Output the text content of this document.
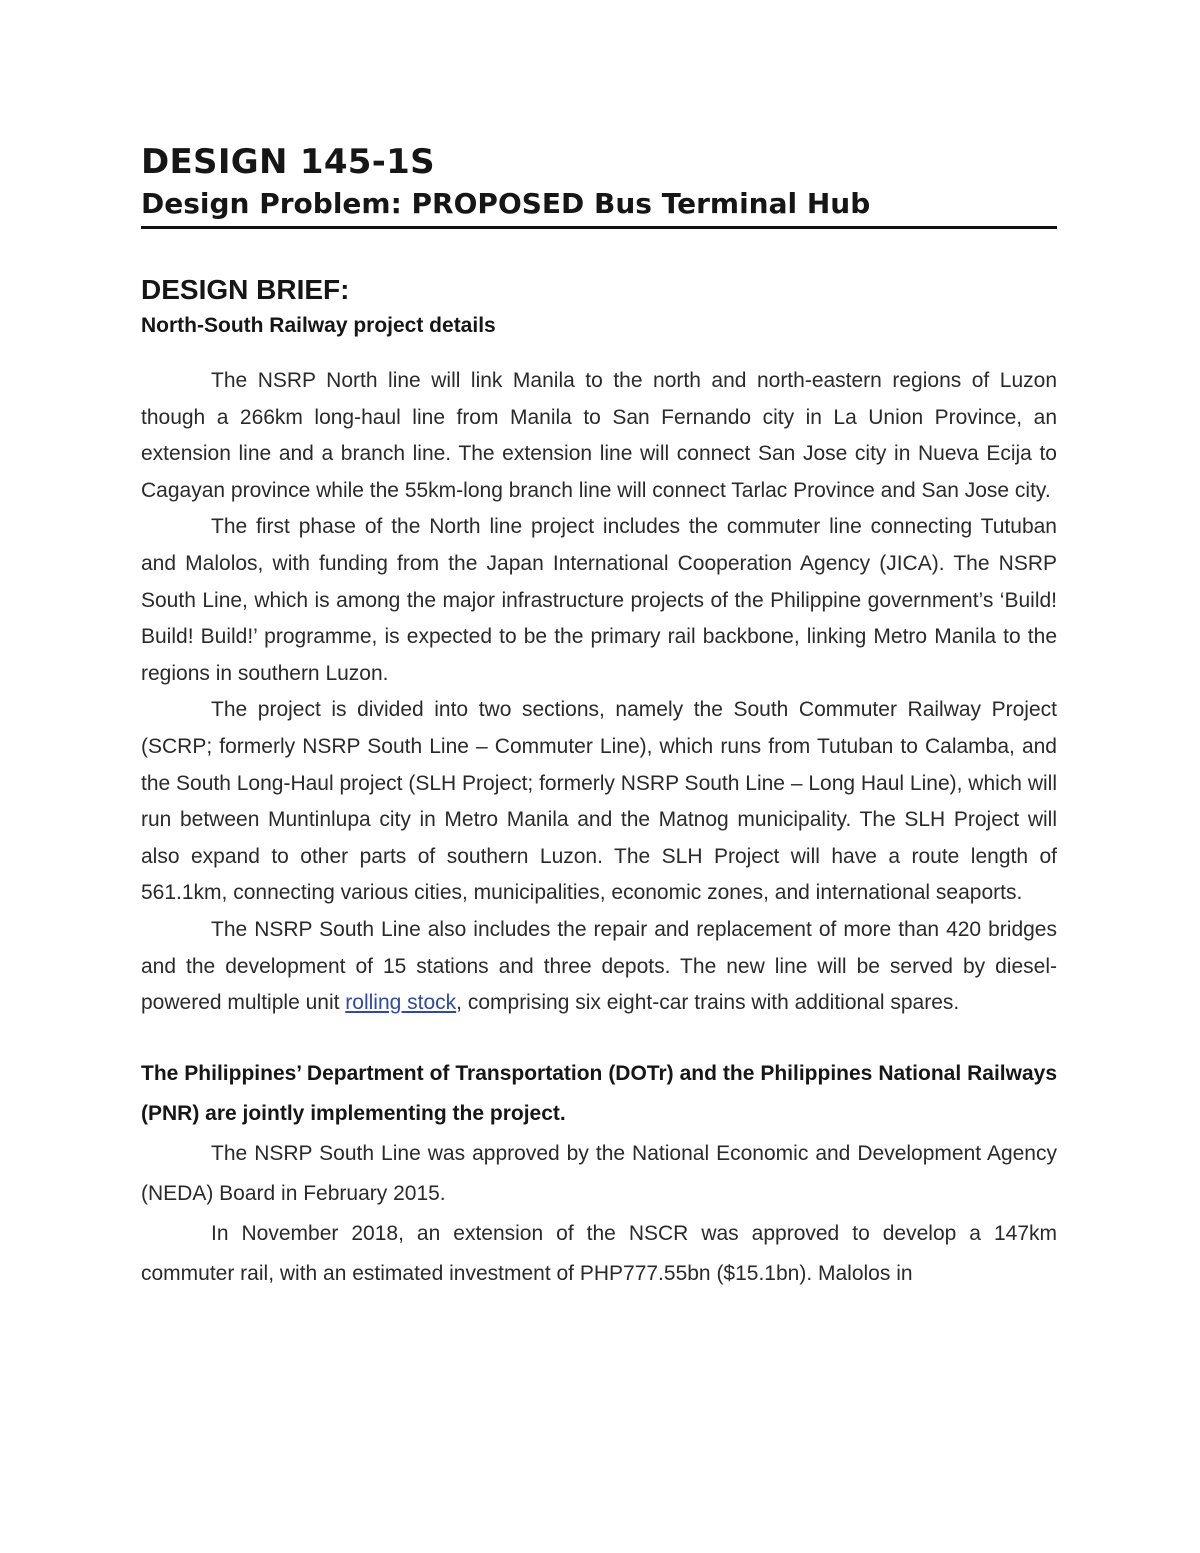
DESIGN 145-1S
Design Problem: PROPOSED Bus Terminal Hub
DESIGN BRIEF:
North-South Railway project details

The NSRP North line will link Manila to the north and north-eastern regions of Luzon though a 266km long-haul line from Manila to San Fernando city in La Union Province, an extension line and a branch line. The extension line will connect San Jose city in Nueva Ecija to Cagayan province while the 55km-long branch line will connect Tarlac Province and San Jose city.

The first phase of the North line project includes the commuter line connecting Tutuban and Malolos, with funding from the Japan International Cooperation Agency (JICA). The NSRP South Line, which is among the major infrastructure projects of the Philippine government’s ‘Build! Build! Build!’ programme, is expected to be the primary rail backbone, linking Metro Manila to the regions in southern Luzon.

The project is divided into two sections, namely the South Commuter Railway Project (SCRP; formerly NSRP South Line – Commuter Line), which runs from Tutuban to Calamba, and the South Long-Haul project (SLH Project; formerly NSRP South Line – Long Haul Line), which will run between Muntinlupa city in Metro Manila and the Matnog municipality. The SLH Project will also expand to other parts of southern Luzon. The SLH Project will have a route length of 561.1km, connecting various cities, municipalities, economic zones, and international seaports.

The NSRP South Line also includes the repair and replacement of more than 420 bridges and the development of 15 stations and three depots. The new line will be served by diesel-powered multiple unit rolling stock, comprising six eight-car trains with additional spares.

The Philippines’ Department of Transportation (DOTr) and the Philippines National Railways (PNR) are jointly implementing the project.

The NSRP South Line was approved by the National Economic and Development Agency (NEDA) Board in February 2015.

In November 2018, an extension of the NSCR was approved to develop a 147km commuter rail, with an estimated investment of PHP777.55bn ($15.1bn). Malolos in
